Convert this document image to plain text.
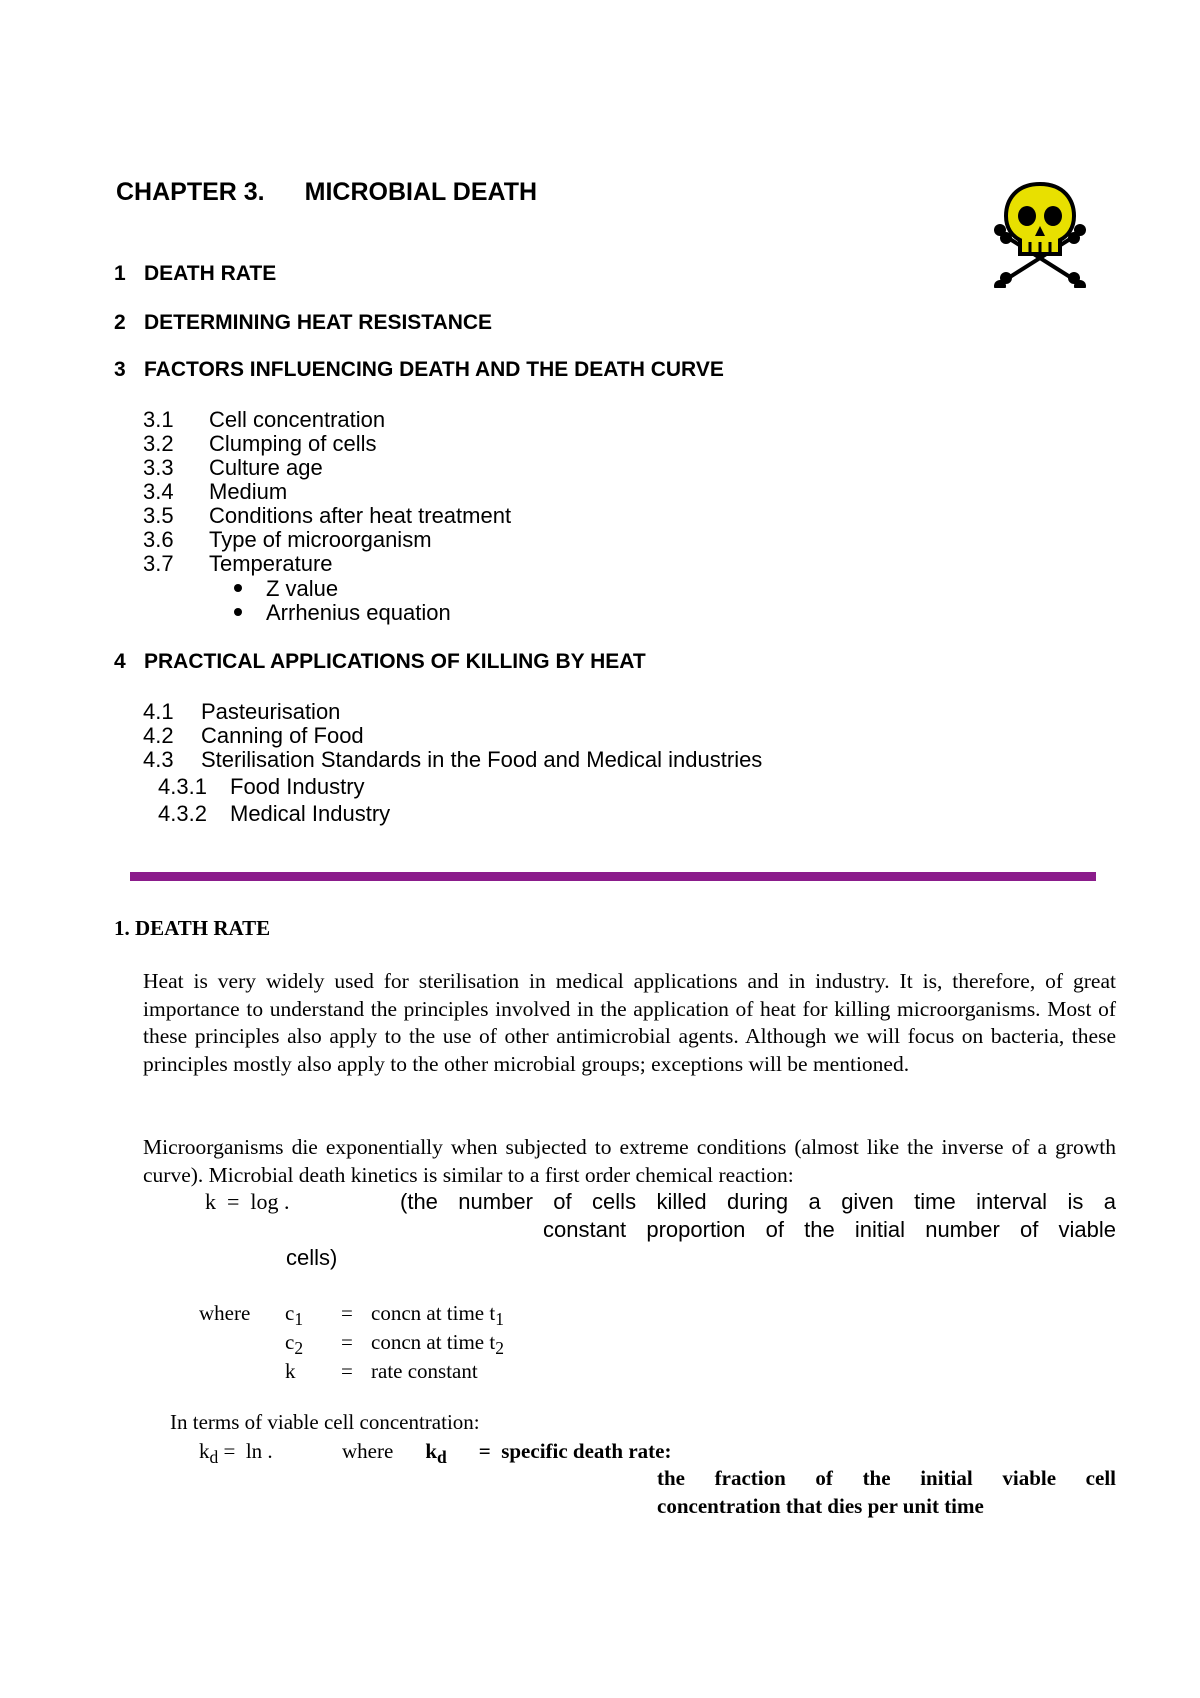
CHAPTER 3. MICROBIAL DEATH
1 DEATH RATE
2 DETERMINING HEAT RESISTANCE
3 FACTORS INFLUENCING DEATH AND THE DEATH CURVE
3.1 Cell concentration
3.2 Clumping of cells
3.3 Culture age
3.4 Medium
3.5 Conditions after heat treatment
3.6 Type of microorganism
3.7 Temperature
Z value
Arrhenius equation
4 PRACTICAL APPLICATIONS OF KILLING BY HEAT
4.1 Pasteurisation
4.2 Canning of Food
4.3 Sterilisation Standards in the Food and Medical industries
4.3.1 Food Industry
4.3.2 Medical Industry
1. DEATH RATE
Heat is very widely used for sterilisation in medical applications and in industry. It is, therefore, of great importance to understand the principles involved in the application of heat for killing microorganisms. Most of these principles also apply to the use of other antimicrobial agents. Although we will focus on bacteria, these principles mostly also apply to the other microbial groups; exceptions will be mentioned.
Microorganisms die exponentially when subjected to extreme conditions (almost like the inverse of a growth curve). Microbial death kinetics is similar to a first order chemical reaction:
k = log .	(the number of cells killed during a given time interval is a
constant proportion of the initial number of viable
cells)
where $c_1$	=	concn at time $t_1$
$c_2$	=	concn at time $t_2$
k	=	rate constant
In terms of viable cell concentration:
$k_d = \ln$ .	where $k_d$ = specific death rate:
the fraction of the initial viable cell
concentration that dies per unit time
